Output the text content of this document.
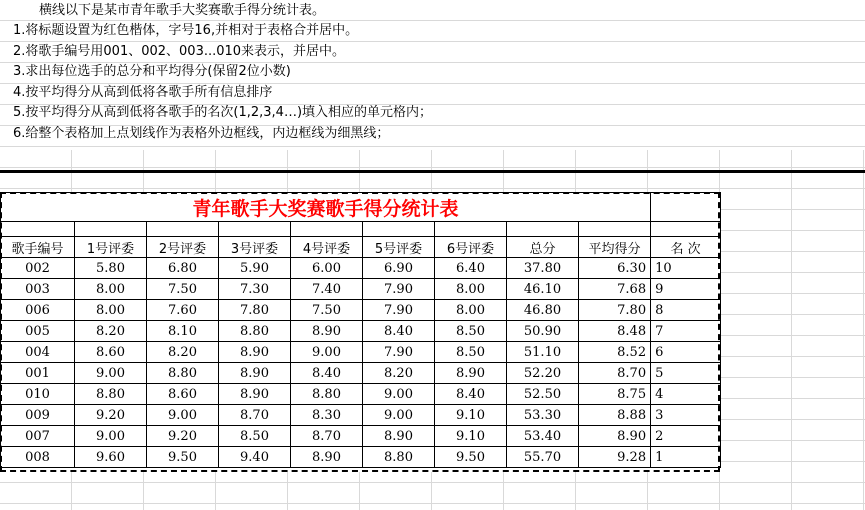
　　　横线以下是某市青年歌手大奖赛歌手得分统计表。
　1.将标题设置为红色楷体，字号16,并相对于表格合并居中。
　2.将歌手编号用001、002、003...010来表示，并居中。
　3.求出每位选手的总分和平均得分(保留2位小数)
　4.按平均得分从高到低将各歌手所有信息排序
　5.按平均得分从高到低将各歌手的名次(1,2,3,4…)填入相应的单元格内；
　6.给整个表格加上点划线作为表格外边框线，内边框线为细黑线；
青年歌手大奖赛歌手得分统计表									

歌手编号	1号评委	2号评委	3号评委	4号评委	5号评委	6号评委	总分	平均得分	名 次
002	5.80	6.80	5.90	6.00	6.90	6.40	37.80	6.30	10
003	8.00	7.50	7.30	7.40	7.90	8.00	46.10	7.68	9
006	8.00	7.60	7.80	7.50	7.90	8.00	46.80	7.80	8
005	8.20	8.10	8.80	8.90	8.40	8.50	50.90	8.48	7
004	8.60	8.20	8.90	9.00	7.90	8.50	51.10	8.52	6
001	9.00	8.80	8.90	8.40	8.20	8.90	52.20	8.70	5
010	8.80	8.60	8.90	8.80	9.00	8.40	52.50	8.75	4
009	9.20	9.00	8.70	8.30	9.00	9.10	53.30	8.88	3
007	9.00	9.20	8.50	8.70	8.90	9.10	53.40	8.90	2
008	9.60	9.50	9.40	8.90	8.80	9.50	55.70	9.28	1
